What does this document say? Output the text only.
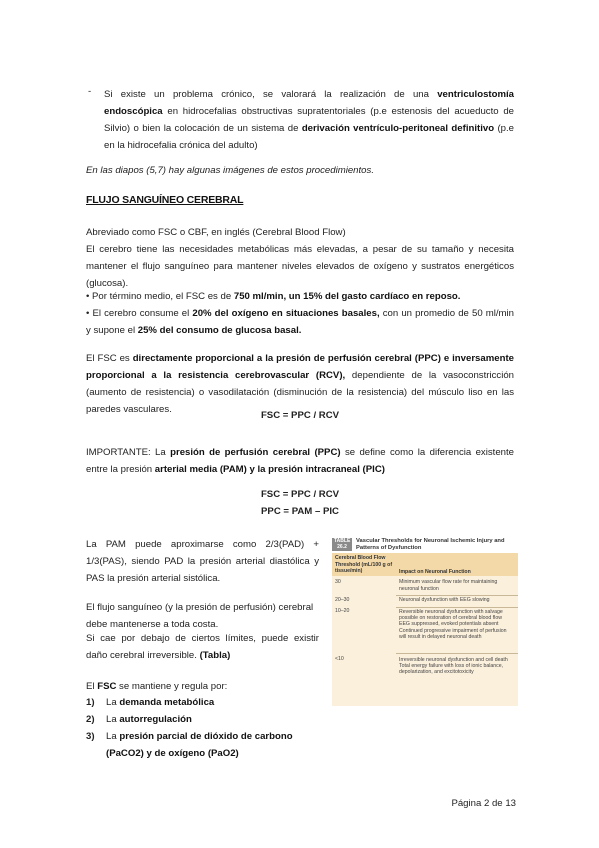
- Si existe un problema crónico, se valorará la realización de una ventriculostomía endoscópica en hidrocefalias obstructivas supratentoriales (p.e estenosis del acueducto de Silvio) o bien la colocación de un sistema de derivación ventrículo-peritoneal definitivo (p.e en la hidrocefalia crónica del adulto)

En las diapos (5,7) hay algunas imágenes de estos procedimientos.

FLUJO SANGUÍNEO CEREBRAL

Abreviado como FSC o CBF, en inglés (Cerebral Blood Flow)

El cerebro tiene las necesidades metabólicas más elevadas, a pesar de su tamaño y necesita mantener el flujo sanguíneo para mantener niveles elevados de oxígeno y sustratos energéticos (glucosa).

• Por término medio, el FSC es de 750 ml/min, un 15% del gasto cardíaco en reposo.

• El cerebro consume el 20% del oxígeno en situaciones basales, con un promedio de 50 ml/min y supone el 25% del consumo de glucosa basal.

El FSC es directamente proporcional a la presión de perfusión cerebral (PPC) e inversamente proporcional a la resistencia cerebrovascular (RCV), dependiente de la vasoconstricción (aumento de resistencia) o vasodilatación (disminución de la resistencia) del músculo liso en las paredes vasculares.

FSC = PPC / RCV

IMPORTANTE: La presión de perfusión cerebral (PPC) se define como la diferencia existente entre la presión arterial media (PAM) y la presión intracraneal (PIC)

FSC = PPC / RCV
PPC = PAM – PIC

La PAM puede aproximarse como 2/3(PAD) + 1/3(PAS), siendo PAD la presión arterial diastólica y PAS la presión arterial sistólica.

El flujo sanguíneo (y la presión de perfusión) cerebral debe mantenerse a toda costa.

Si cae por debajo de ciertos límites, puede existir daño cerebral irreversible. (Tabla)

El FSC se mantiene y regula por:

1) La demanda metabólica
2) La autorregulación
3) La presión parcial de dióxido de carbono (PaCO2) y de oxígeno (PaO2)
TABLE
26.2
Vascular Thresholds for Neuronal Ischemic Injury and Patterns of Dysfunction
Cerebral Blood Flow Threshold (mL/100 g of tissue/min)	Impact on Neuronal Function
30	Minimum vascular flow rate for maintaining neuronal function
20–30	Neuronal dysfunction with EEG slowing
10–20	Reversible neuronal dysfunction with salvage possible on restoration of cerebral blood flow
EEG suppressed, evoked potentials absent
Continued progressive impairment of perfusion will result in delayed neuronal death
<10	Irreversible neuronal dysfunction and cell death
Total energy failure with loss of ionic balance, depolarization, and excitotoxicity
Página 2 de 13
